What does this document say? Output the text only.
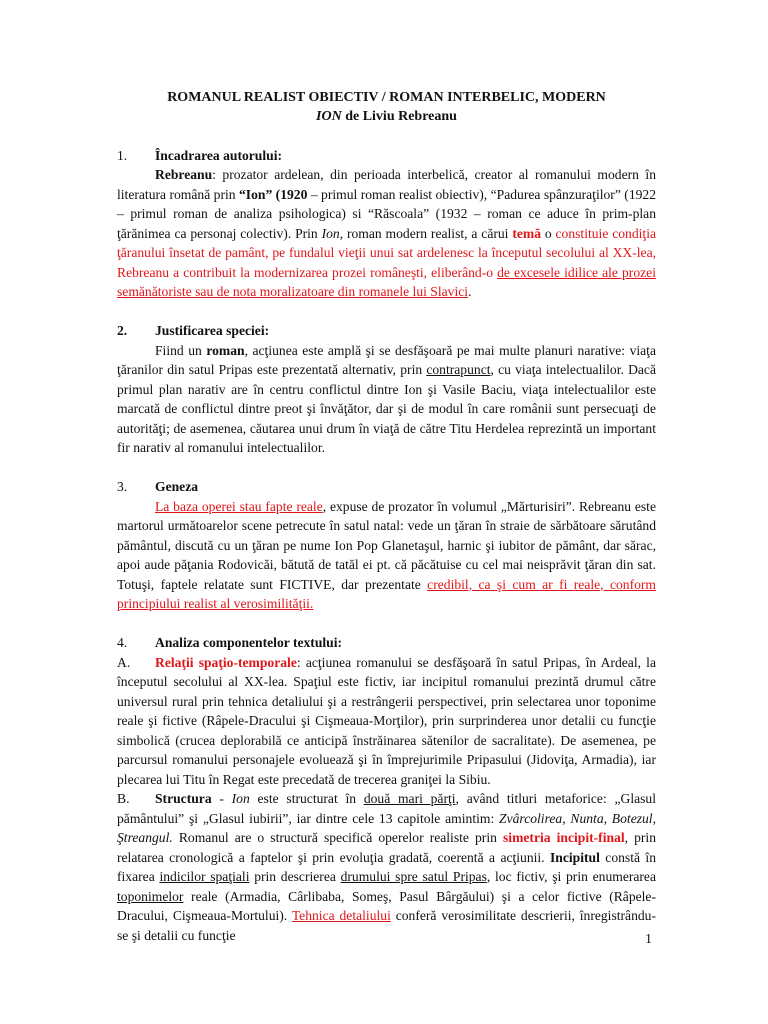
ROMANUL REALIST OBIECTIV / ROMAN INTERBELIC, MODERN

ION de Liviu Rebreanu

1. Încadrarea autorului:

Rebreanu: prozator ardelean, din perioada interbelică, creator al romanului modern în literatura română prin “Ion” (1920 – primul roman realist obiectiv), “Padurea spânzuraţilor” (1922 – primul roman de analiza psihologica) si “Răscoala” (1932 – roman ce aduce în prim-plan ţărănimea ca personaj colectiv). Prin Ion, roman modern realist, a cărui temă o constituie condiţia ţăranului însetat de pamânt, pe fundalul vieţii unui sat ardelenesc la începutul secolului al XX-lea, Rebreanu a contribuit la modernizarea prozei româneşti, eliberând-o de excesele idilice ale prozei semănătoriste sau de nota moralizatoare din romanele lui Slavici.

2. Justificarea speciei:

Fiind un roman, acţiunea este amplă şi se desfăşoară pe mai multe planuri narative: viaţa ţăranilor din satul Pripas este prezentată alternativ, prin contrapunct, cu viaţa intelectualilor. Dacă primul plan narativ are în centru conflictul dintre Ion şi Vasile Baciu, viaţa intelectualilor este marcată de conflictul dintre preot şi învăţător, dar şi de modul în care românii sunt persecuaţi de autorităţi; de asemenea, căutarea unui drum în viaţă de către Titu Herdelea reprezintă un important fir narativ al romanului intelectualilor.

3. Geneza

La baza operei stau fapte reale, expuse de prozator în volumul „Mărturisiri”. Rebreanu este martorul următoarelor scene petrecute în satul natal: vede un ţăran în straie de sărbătoare sărutând pământul, discută cu un ţăran pe nume Ion Pop Glanetaşul, harnic şi iubitor de pământ, dar sărac, apoi aude păţania Rodovicăi, bătută de tatăl ei pt. că păcătuise cu cel mai neisprăvit ţăran din sat. Totuşi, faptele relatate sunt FICTIVE, dar prezentate credibil, ca şi cum ar fi reale, conform principiului realist al verosimilităţii.

4. Analiza componentelor textului:

A. Relaţii spaţio-temporale: acţiunea romanului se desfăşoară în satul Pripas, în Ardeal, la începutul secolului al XX-lea. Spaţiul este fictiv, iar incipitul romanului prezintă drumul către universul rural prin tehnica detaliului şi a restrângerii perspectivei, prin selectarea unor toponime reale şi fictive (Râpele-Dracului şi Cişmeaua-Morţilor), prin surprinderea unor detalii cu funcţie simbolică (crucea deplorabilă ce anticipă înstrăinarea sătenilor de sacralitate). De asemenea, pe parcursul romanului personajele evoluează şi în împrejurimile Pripasului (Jidoviţa, Armadia), iar plecarea lui Titu în Regat este precedată de trecerea graniţei la Sibiu.

B. Structura - Ion este structurat în două mari părţi, având titluri metaforice: „Glasul pământului” şi „Glasul iubirii”, iar dintre cele 13 capitole amintim: Zvârcolirea, Nunta, Botezul, Ştreangul. Romanul are o structură specifică operelor realiste prin simetria incipit-final, prin relatarea cronologică a faptelor şi prin evoluţia gradată, coerentă a acţiunii. Incipitul constă în fixarea indicilor spaţiali prin descrierea drumului spre satul Pripas, loc fictiv, şi prin enumerarea toponimelor reale (Armadia, Cârlibaba, Someş, Pasul Bârgăului) şi a celor fictive (Râpele-Dracului, Cişmeaua-Mortului). Tehnica detaliului conferă verosimilitate descrierii, înregistrându-se şi detalii cu funcţie	1
